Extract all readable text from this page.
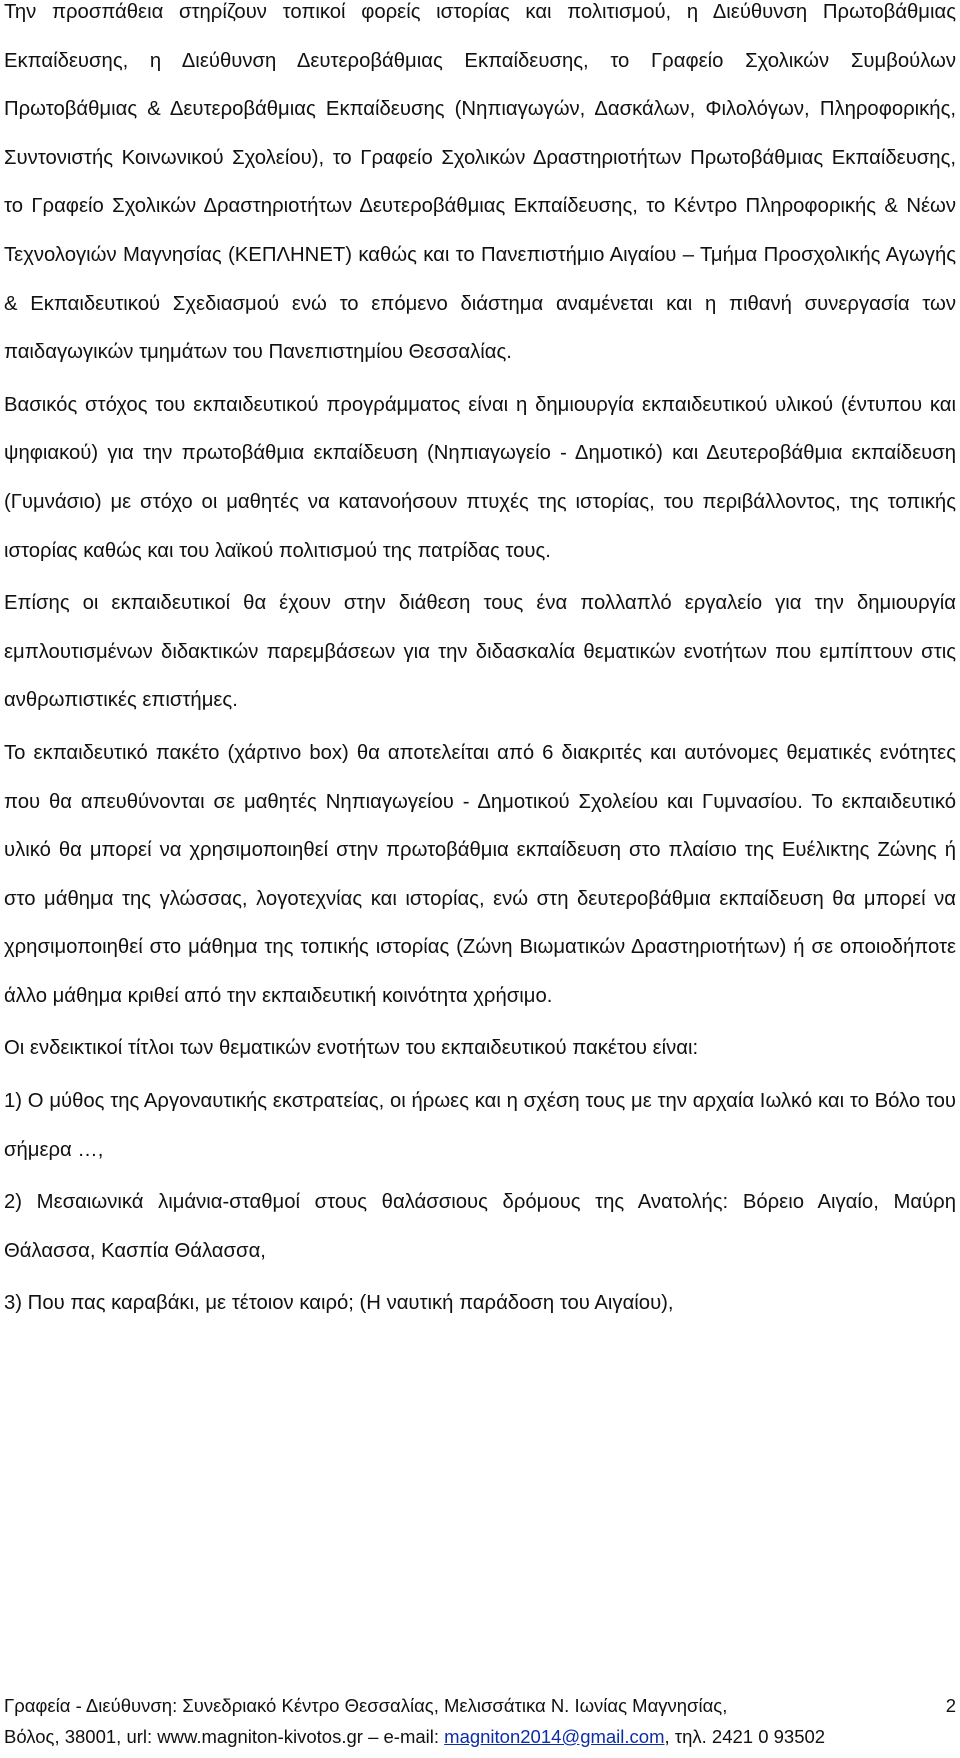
Την προσπάθεια στηρίζουν τοπικοί φορείς ιστορίας και πολιτισμού, η Διεύθυνση Πρωτοβάθμιας Εκπαίδευσης, η Διεύθυνση Δευτεροβάθμιας Εκπαίδευσης, το Γραφείο Σχολικών Συμβούλων Πρωτοβάθμιας & Δευτεροβάθμιας Εκπαίδευσης (Νηπιαγωγών, Δασκάλων, Φιλολόγων, Πληροφορικής, Συντονιστής Κοινωνικού Σχολείου), το Γραφείο Σχολικών Δραστηριοτήτων Πρωτοβάθμιας Εκπαίδευσης, το Γραφείο Σχολικών Δραστηριοτήτων Δευτεροβάθμιας Εκπαίδευσης, το Κέντρο Πληροφορικής & Νέων Τεχνολογιών Μαγνησίας (ΚΕΠΛΗΝΕΤ) καθώς και το Πανεπιστήμιο Αιγαίου – Τμήμα Προσχολικής Αγωγής & Εκπαιδευτικού Σχεδιασμού ενώ το επόμενο διάστημα αναμένεται και η πιθανή συνεργασία των παιδαγωγικών τμημάτων του Πανεπιστημίου Θεσσαλίας.

Βασικός στόχος του εκπαιδευτικού προγράμματος είναι η δημιουργία εκπαιδευτικού υλικού (έντυπου και ψηφιακού) για την πρωτοβάθμια εκπαίδευση (Νηπιαγωγείο - Δημοτικό) και Δευτεροβάθμια εκπαίδευση (Γυμνάσιο) με στόχο οι μαθητές να κατανοήσουν πτυχές της ιστορίας, του περιβάλλοντος, της τοπικής ιστορίας καθώς και του λαϊκού πολιτισμού της πατρίδας τους.

Επίσης οι εκπαιδευτικοί θα έχουν στην διάθεση τους ένα πολλαπλό εργαλείο για την δημιουργία εμπλουτισμένων διδακτικών παρεμβάσεων για την διδασκαλία θεματικών ενοτήτων που εμπίπτουν στις ανθρωπιστικές επιστήμες.

Το εκπαιδευτικό πακέτο (χάρτινο box) θα αποτελείται από 6 διακριτές και αυτόνομες θεματικές ενότητες που θα απευθύνονται σε μαθητές Νηπιαγωγείου - Δημοτικού Σχολείου και Γυμνασίου. Το εκπαιδευτικό υλικό θα μπορεί να χρησιμοποιηθεί στην πρωτοβάθμια εκπαίδευση στο πλαίσιο της Ευέλικτης Ζώνης ή στο μάθημα της γλώσσας, λογοτεχνίας και ιστορίας, ενώ στη δευτεροβάθμια εκπαίδευση θα μπορεί να χρησιμοποιηθεί στο μάθημα της τοπικής ιστορίας (Ζώνη Βιωματικών Δραστηριοτήτων) ή σε οποιοδήποτε άλλο μάθημα κριθεί από την εκπαιδευτική κοινότητα χρήσιμο.

Οι ενδεικτικοί τίτλοι των θεματικών ενοτήτων του εκπαιδευτικού πακέτου είναι:

1) Ο μύθος της Αργοναυτικής εκστρατείας, οι ήρωες και η σχέση τους με την αρχαία Ιωλκό και το Βόλο του σήμερα …,

2) Μεσαιωνικά λιμάνια-σταθμοί στους θαλάσσιους δρόμους της Ανατολής: Βόρειο Αιγαίο, Μαύρη Θάλασσα, Κασπία Θάλασσα,

3) Που πας καραβάκι, με τέτοιον καιρό; (Η ναυτική παράδοση του Αιγαίου),

Γραφεία - Διεύθυνση: Συνεδριακό Κέντρο Θεσσαλίας, Μελισσάτικα Ν. Ιωνίας Μαγνησίας,	2
Βόλος, 38001, url: www.magniton-kivotos.gr – e-mail: magniton2014@gmail.com, τηλ. 2421 0 93502
